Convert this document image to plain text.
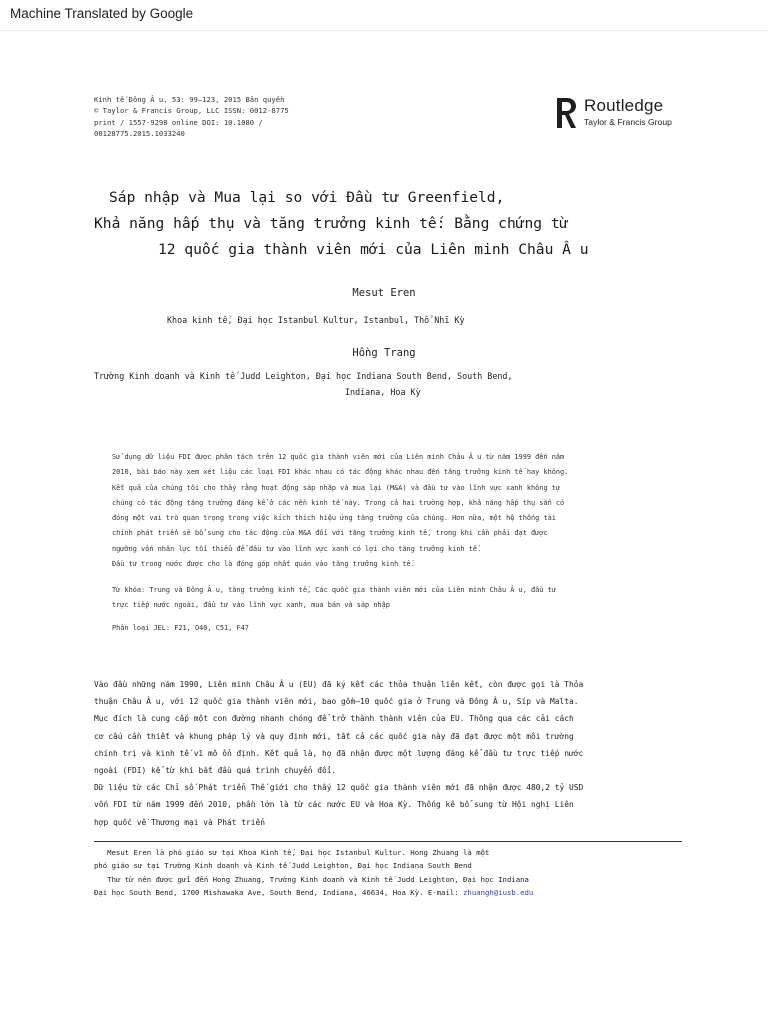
Machine Translated by Google
Kinh tế Đông Â u, 53: 99–123, 2015 Bản quyền
© Taylor & Francis Group, LLC ISSN: 0012-8775
print / 1557-9298 online DOI: 10.1080 /
00128775.2015.1033240
Routledge
Taylor & Francis Group
Sáp nhập và Mua lại so với Đầu tư Greenfield,
Khả năng hấp thụ và tăng trưởng kinh tế: Bằng chứng từ
12 quốc gia thành viên mới của Liên minh Châu Â u
Mesut Eren
Khoa kinh tế, Đại học Istanbul Kultur, Istanbul, Thổ Nhĩ Kỳ
Hồng Trang
Trường Kinh doanh và Kinh tế Judd Leighton, Đại học Indiana South Bend, South Bend,
Indiana, Hoa Kỳ

Sử dụng dữ liệu FDI được phân tách trên 12 quốc gia thành viên mới của Liên minh Châu Â u từ năm 1999 đến năm

2010, bài báo này xem xét liệu các loại FDI khác nhau có tác động khác nhau đến tăng trưởng kinh tế hay không.

Kết quả của chúng tôi cho thấy rằng hoạt động sáp nhập và mua lại (M&A) và đầu tư vào lĩnh vực xanh không tự

chúng có tác động tăng trưởng đáng kể ở các nền kinh tế này. Trong cả hai trường hợp, khả năng hấp thụ sẵn có

đóng một vai trò quan trọng trong việc kích thích hiệu ứng tăng trưởng của chúng. Hơn nữa, một hệ thống tài

chính phát triển sẽ bổ sung cho tác động của M&A đối với tăng trưởng kinh tế, trong khi cần phải đạt được

ngưỡng vốn nhân lực tối thiểu để đầu tư vào lĩnh vực xanh có lợi cho tăng trưởng kinh tế.

Đầu tư trong nước được cho là đóng góp nhất quán vào tăng trưởng kinh tế.

Từ khóa: Trung và Đông Â u, tăng trưởng kinh tế, Các quốc gia thành viên mới của Liên minh Châu Â u, đầu tư

trực tiếp nước ngoài, đầu tư vào lĩnh vực xanh, mua bán và sáp nhập

Phân loại JEL: F21, O40, C51, F47

Vào đầu những năm 1990, Liên minh Châu Â u (EU) đã ký kết các thỏa thuận liên kết, còn được gọi là Thỏa

thuận Châu Â u, với 12 quốc gia thành viên mới, bao gồm—10 quốc gia ở Trung và Đông Â u, Síp và Malta.

Mục đích là cung cấp một con đường nhanh chóng để trở thành thành viên của EU. Thông qua các cải cách

cơ cấu cần thiết và khung pháp lý và quy định mới, tất cả các quốc gia này đã đạt được một môi trường

chính trị và kinh tế vĩ mô ổn định. Kết quả là, họ đã nhận được một lượng đáng kể đầu tư trực tiếp nước

ngoài (FDI) kể từ khi bắt đầu quá trình chuyển đổi.

Dữ liệu từ các Chỉ số Phát triển Thế giới cho thấy 12 quốc gia thành viên mới đã nhận được 480,2 tỷ USD

vốn FDI từ năm 1999 đến 2010, phần lớn là từ các nước EU và Hoa Kỳ. Thống kê bổ sung từ Hội nghị Liên

hợp quốc về Thương mại và Phát triển

Mesut Eren là phó giáo sư tại Khoa Kinh tế, Đại học Istanbul Kultur. Hong Zhuang là một

phó giáo sư tại Trường Kinh doanh và Kinh tế Judd Leighton, Đại học Indiana South Bend

Thư từ nên được gửi đến Hong Zhuang, Trường Kinh doanh và Kinh tế Judd Leighton, Đại học Indiana

Đại học South Bend, 1700 Mishawaka Ave, South Bend, Indiana, 46634, Hoa Kỳ. E-mail: zhuangh@iusb.edu
